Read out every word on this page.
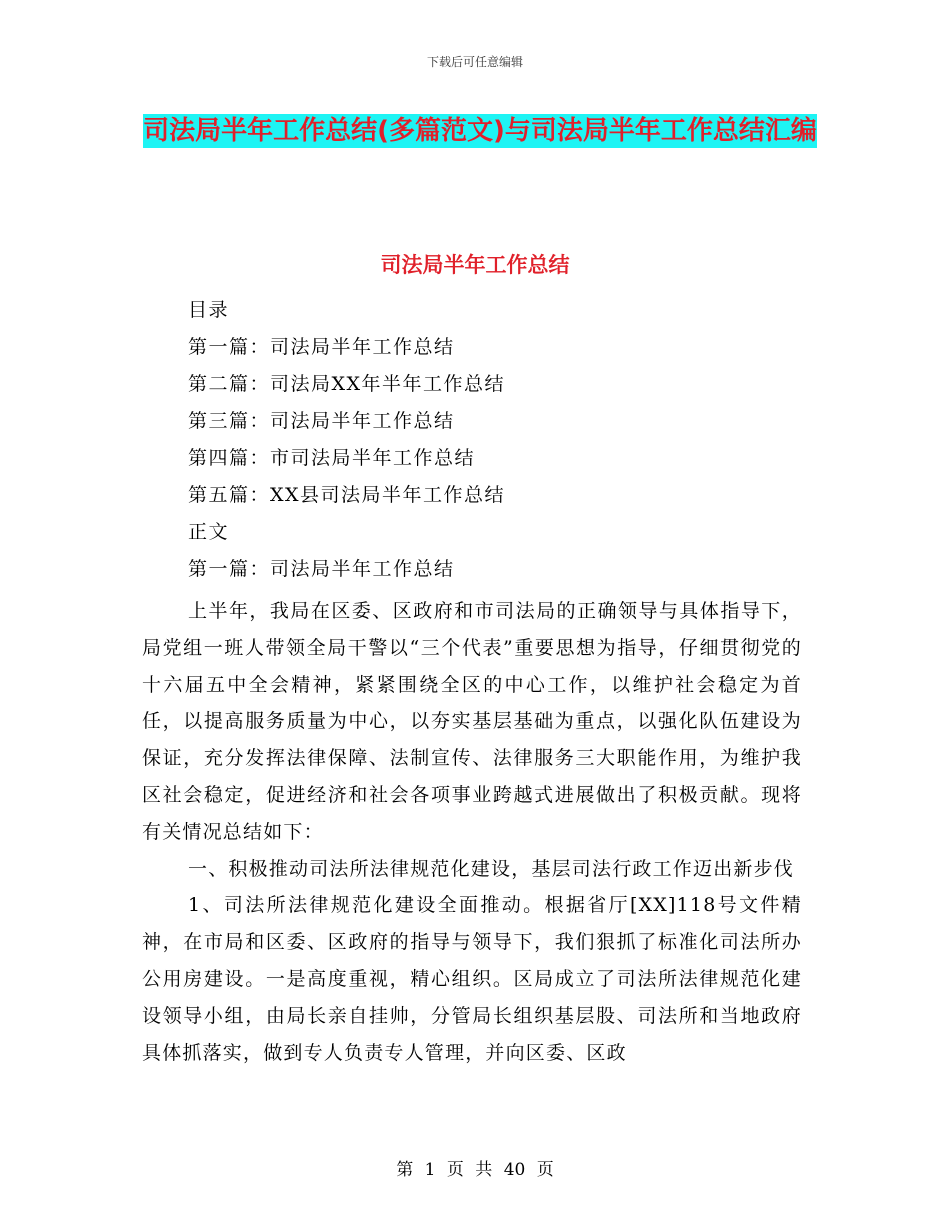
下载后可任意编辑
司法局半年工作总结(多篇范文)与司法局半年工作总结汇编
司法局半年工作总结
目录
第一篇：司法局半年工作总结
第二篇：司法局XX年半年工作总结
第三篇：司法局半年工作总结
第四篇：市司法局半年工作总结
第五篇：XX县司法局半年工作总结
正文
第一篇：司法局半年工作总结

上半年，我局在区委、区政府和市司法局的正确领导与具体指导下，局党组一班人带领全局干警以“三个代表”重要思想为指导，仔细贯彻党的十六届五中全会精神，紧紧围绕全区的中心工作，以维护社会稳定为首任，以提高服务质量为中心，以夯实基层基础为重点，以强化队伍建设为保证，充分发挥法律保障、法制宣传、法律服务三大职能作用，为维护我区社会稳定，促进经济和社会各项事业跨越式进展做出了积极贡献。现将有关情况总结如下：

一、积极推动司法所法律规范化建设，基层司法行政工作迈出新步伐

1、司法所法律规范化建设全面推动。根据省厅[XX]118号文件精神，在市局和区委、区政府的指导与领导下，我们狠抓了标准化司法所办公用房建设。一是高度重视，精心组织。区局成立了司法所法律规范化建设领导小组，由局长亲自挂帅，分管局长组织基层股、司法所和当地政府具体抓落实，做到专人负责专人管理，并向区委、区政

第 1 页 共 40 页
